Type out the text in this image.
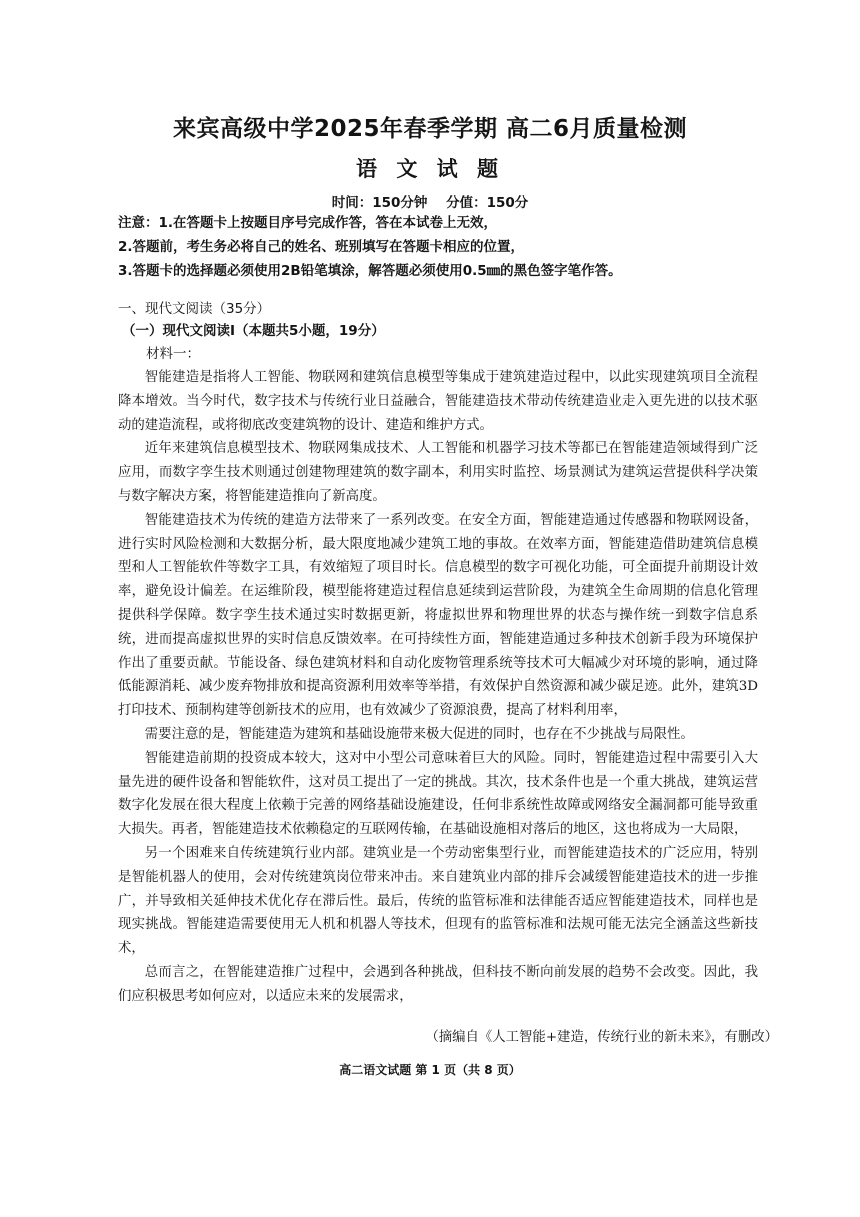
来宾高级中学2025年春季学期 高二6月质量检测
语 文 试 题
时间：150分钟 分值：150分
注意：1.在答题卡上按题目序号完成作答，答在本试卷上无效，
2.答题前，考生务必将自己的姓名、班别填写在答题卡相应的位置，
3.答题卡的选择题必须使用2B铅笔填涂，解答题必须使用0.5㎜的黑色签字笔作答。
一、现代文阅读（35分）
（一）现代文阅读Ⅰ（本题共5小题，19分）
材料一：

智能建造是指将人工智能、物联网和建筑信息模型等集成于建筑建造过程中，以此实现建筑项目全流程降本增效。当今时代，数字技术与传统行业日益融合，智能建造技术带动传统建造业走入更先进的以技术驱动的建造流程，或将彻底改变建筑物的设计、建造和维护方式。

近年来建筑信息模型技术、物联网集成技术、人工智能和机器学习技术等都已在智能建造领域得到广泛应用，而数字孪生技术则通过创建物理建筑的数字副本，利用实时监控、场景测试为建筑运营提供科学决策与数字解决方案，将智能建造推向了新高度。

智能建造技术为传统的建造方法带来了一系列改变。在安全方面，智能建造通过传感器和物联网设备，进行实时风险检测和大数据分析，最大限度地减少建筑工地的事故。在效率方面，智能建造借助建筑信息模型和人工智能软件等数字工具，有效缩短了项目时长。信息模型的数字可视化功能，可全面提升前期设计效率，避免设计偏差。在运维阶段，模型能将建造过程信息延续到运营阶段，为建筑全生命周期的信息化管理提供科学保障。数字孪生技术通过实时数据更新，将虚拟世界和物理世界的状态与操作统一到数字信息系统，进而提高虚拟世界的实时信息反馈效率。在可持续性方面，智能建造通过多种技术创新手段为环境保护作出了重要贡献。节能设备、绿色建筑材料和自动化废物管理系统等技术可大幅减少对环境的影响，通过降低能源消耗、减少废弃物排放和提高资源利用效率等举措，有效保护自然资源和减少碳足迹。此外，建筑3D打印技术、预制构建等创新技术的应用，也有效减少了资源浪费，提高了材料利用率，

需要注意的是，智能建造为建筑和基础设施带来极大促进的同时，也存在不少挑战与局限性。

智能建造前期的投资成本较大，这对中小型公司意味着巨大的风险。同时，智能建造过程中需要引入大量先进的硬件设备和智能软件，这对员工提出了一定的挑战。其次，技术条件也是一个重大挑战，建筑运营数字化发展在很大程度上依赖于完善的网络基础设施建设，任何非系统性故障或网络安全漏洞都可能导致重大损失。再者，智能建造技术依赖稳定的互联网传输，在基础设施相对落后的地区，这也将成为一大局限，

另一个困难来自传统建筑行业内部。建筑业是一个劳动密集型行业，而智能建造技术的广泛应用，特别是智能机器人的使用，会对传统建筑岗位带来冲击。来自建筑业内部的排斥会减缓智能建造技术的进一步推广，并导致相关延伸技术优化存在滞后性。最后，传统的监管标准和法律能否适应智能建造技术，同样也是现实挑战。智能建造需要使用无人机和机器人等技术，但现有的监管标准和法规可能无法完全涵盖这些新技术，

总而言之，在智能建造推广过程中，会遇到各种挑战，但科技不断向前发展的趋势不会改变。因此，我们应积极思考如何应对，以适应未来的发展需求，

（摘编自《人工智能+建造，传统行业的新未来》，有删改）
高二语文试题 第 1 页（共 8 页）
